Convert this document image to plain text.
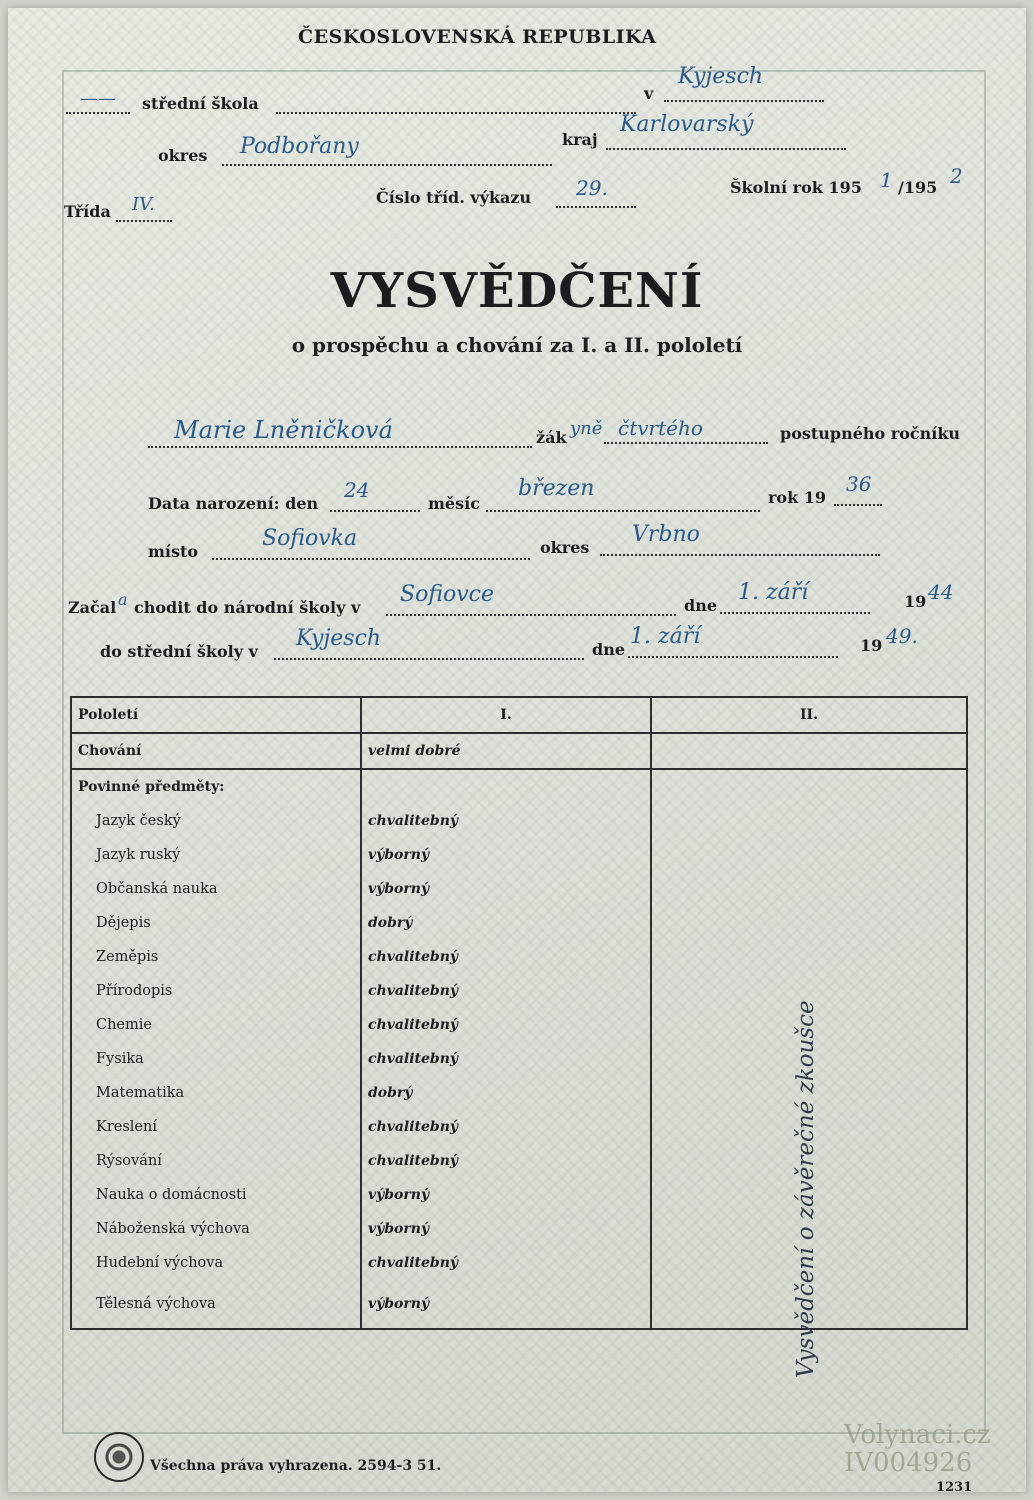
ČESKOSLOVENSKÁ REPUBLIKA
—— střední škola
v
Kyjesch
okres Podbořany	kraj
Karlovarský
Třída IV.	Číslo tříd. výkazu 29.	Školní rok 195 1 /195 2
VYSVĚDČENÍ
o prospěchu a chování za I. a II. pololetí
Marie Lněničková	žák yně čtvrtého	postupného ročníku
Data narození: den
24
měsíc
březen	rok 19
36
místo
Sofiovka	okres
Vrbno
Začal a chodit do národní školy v
Sofiovce	dne
1. září	19 44
do střední školy v
Kyjesch	dne
1. září	19 49.
Pololetí	I.	II.
Chování	velmi dobré	
Povinné předměty:		
Jazyk český	chvalitebný	
Jazyk ruský	výborný	
Občanská nauka	výborný	
Dějepis	dobrý	
Zeměpis	chvalitebný	
Přírodopis	chvalitebný	
Chemie	chvalitebný	
Fysika	chvalitebný	
Matematika	dobrý	
Kreslení	chvalitebný	
Rýsování	chvalitebný	
Nauka o domácnosti	výborný	
Náboženská výchova	výborný	
Hudební výchova	chvalitebný	
Tělesná výchova	výborný		Vysvědčení o závěrečné zkoušce
Všechna práva vyhrazena. 2594-3 51.
1231
Volynaci.cz
IV004926
